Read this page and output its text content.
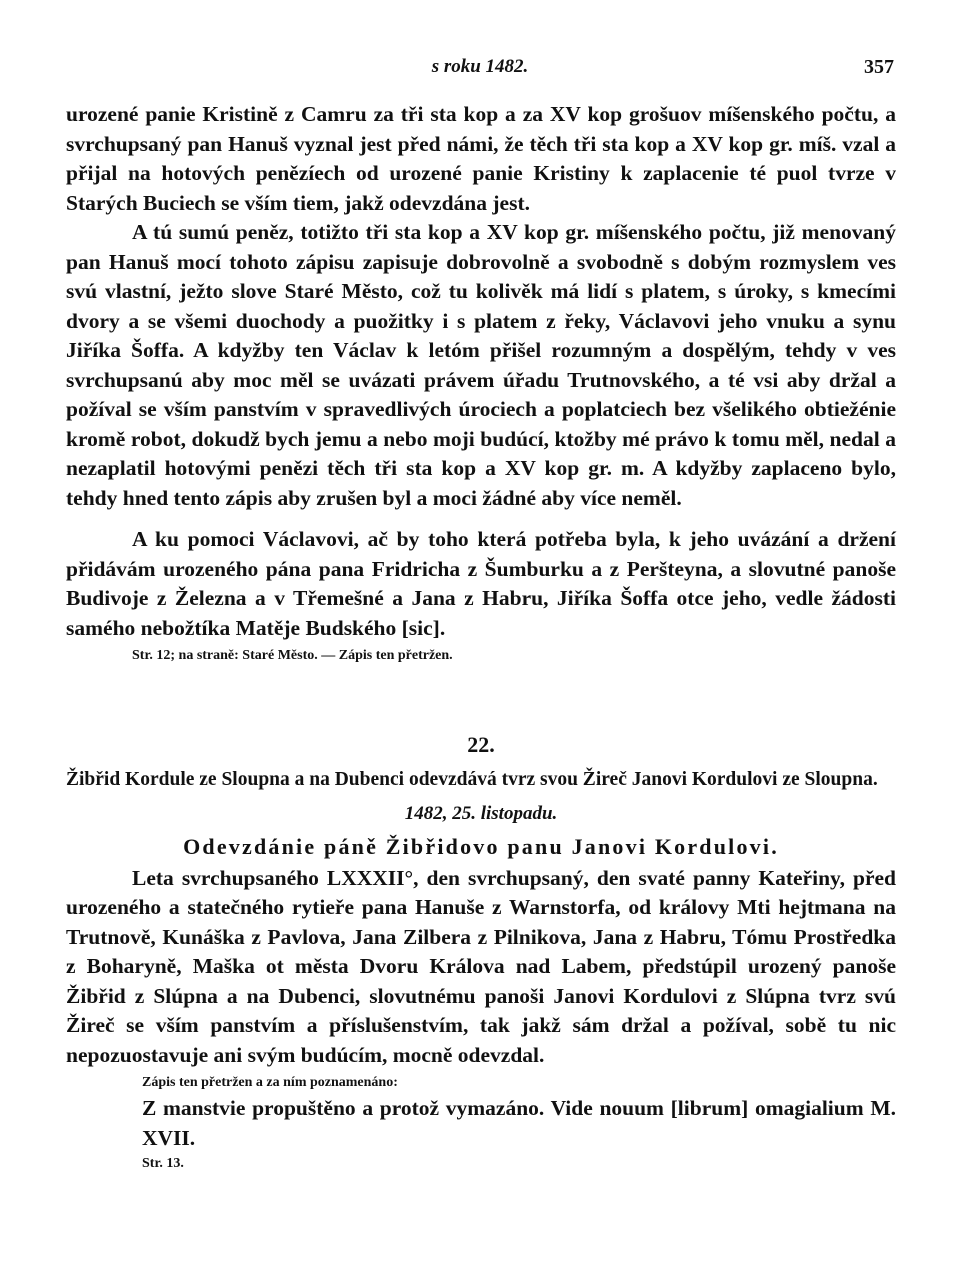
s roku 1482.	357

urozené panie Kristině z Camru za tři sta kop a za XV kop grošuov míšenského počtu, a svrchupsaný pan Hanuš vyznal jest před námi, že těch tři sta kop a XV kop gr. míš. vzal a přijal na hotových penězíech od urozené panie Kristiny k zaplacenie té puol tvrze v Starých Buciech se vším tiem, jakž odevzdána jest.

A tú sumú peněz, totižto tři sta kop a XV kop gr. míšenského počtu, již menovaný pan Hanuš mocí tohoto zápisu zapisuje dobrovolně a svobodně s dobým rozmyslem ves svú vlastní, ježto slove Staré Město, což tu kolivěk má lidí s platem, s úroky, s kmecími dvory a se všemi duochody a puožitky i s platem z řeky, Václavovi jeho vnuku a synu Jiříka Šoffa. A kdyžby ten Václav k letóm přišel rozumným a dospělým, tehdy v ves svrchupsanú aby moc měl se uvázati právem úřadu Trutnovského, a té vsi aby držal a požíval se vším panstvím v spravedlivých úrociech a poplatciech bez všelikého obtiežénie kromě robot, dokudž bych jemu a nebo moji budúcí, ktožby mé právo k tomu měl, nedal a nezaplatil hotovými penězi těch tři sta kop a XV kop gr. m. A kdyžby zaplaceno bylo, tehdy hned tento zápis aby zrušen byl a moci žádné aby více neměl.

A ku pomoci Václavovi, ač by toho která potřeba byla, k jeho uvázání a držení přidávám urozeného pána pana Fridricha z Šumburku a z Peršteyna, a slovutné panoše Budivoje z Železna a v Třemešné a Jana z Habru, Jiříka Šoffa otce jeho, vedle žádosti samého nebožtíka Matěje Budského [sic].

Str. 12; na straně: Staré Město. — Zápis ten přetržen.

22.

Žibřid Kordule ze Sloupna a na Dubenci odevzdává tvrz svou Žireč Janovi Kordulovi ze Sloupna.

1482, 25. listopadu.

Odevzdánie páně Žibřidovo panu Janovi Kordulovi.

Leta svrchupsaného LXXXII°, den svrchupsaný, den svaté panny Kateřiny, před urozeného a statečného rytieře pana Hanuše z Warnstorfa, od královy Mti hejtmana na Trutnově, Kunáška z Pavlova, Jana Zilbera z Pilnikova, Jana z Habru, Tómu Prostředka z Boharyně, Maška ot města Dvoru Králova nad Labem, předstúpil urozený panoše Žibřid z Slúpna a na Dubenci, slovutnému panoši Janovi Kordulovi z Slúpna tvrz svú Žireč se vším panstvím a příslušenstvím, tak jakž sám držal a požíval, sobě tu nic nepozuostavuje ani svým budúcím, mocně odevzdal.

Zápis ten přetržen a za ním poznamenáno:

Z manstvie propuštěno a protož vymazáno. Vide nouum [librum] omagialium M. XVII.

Str. 13.
